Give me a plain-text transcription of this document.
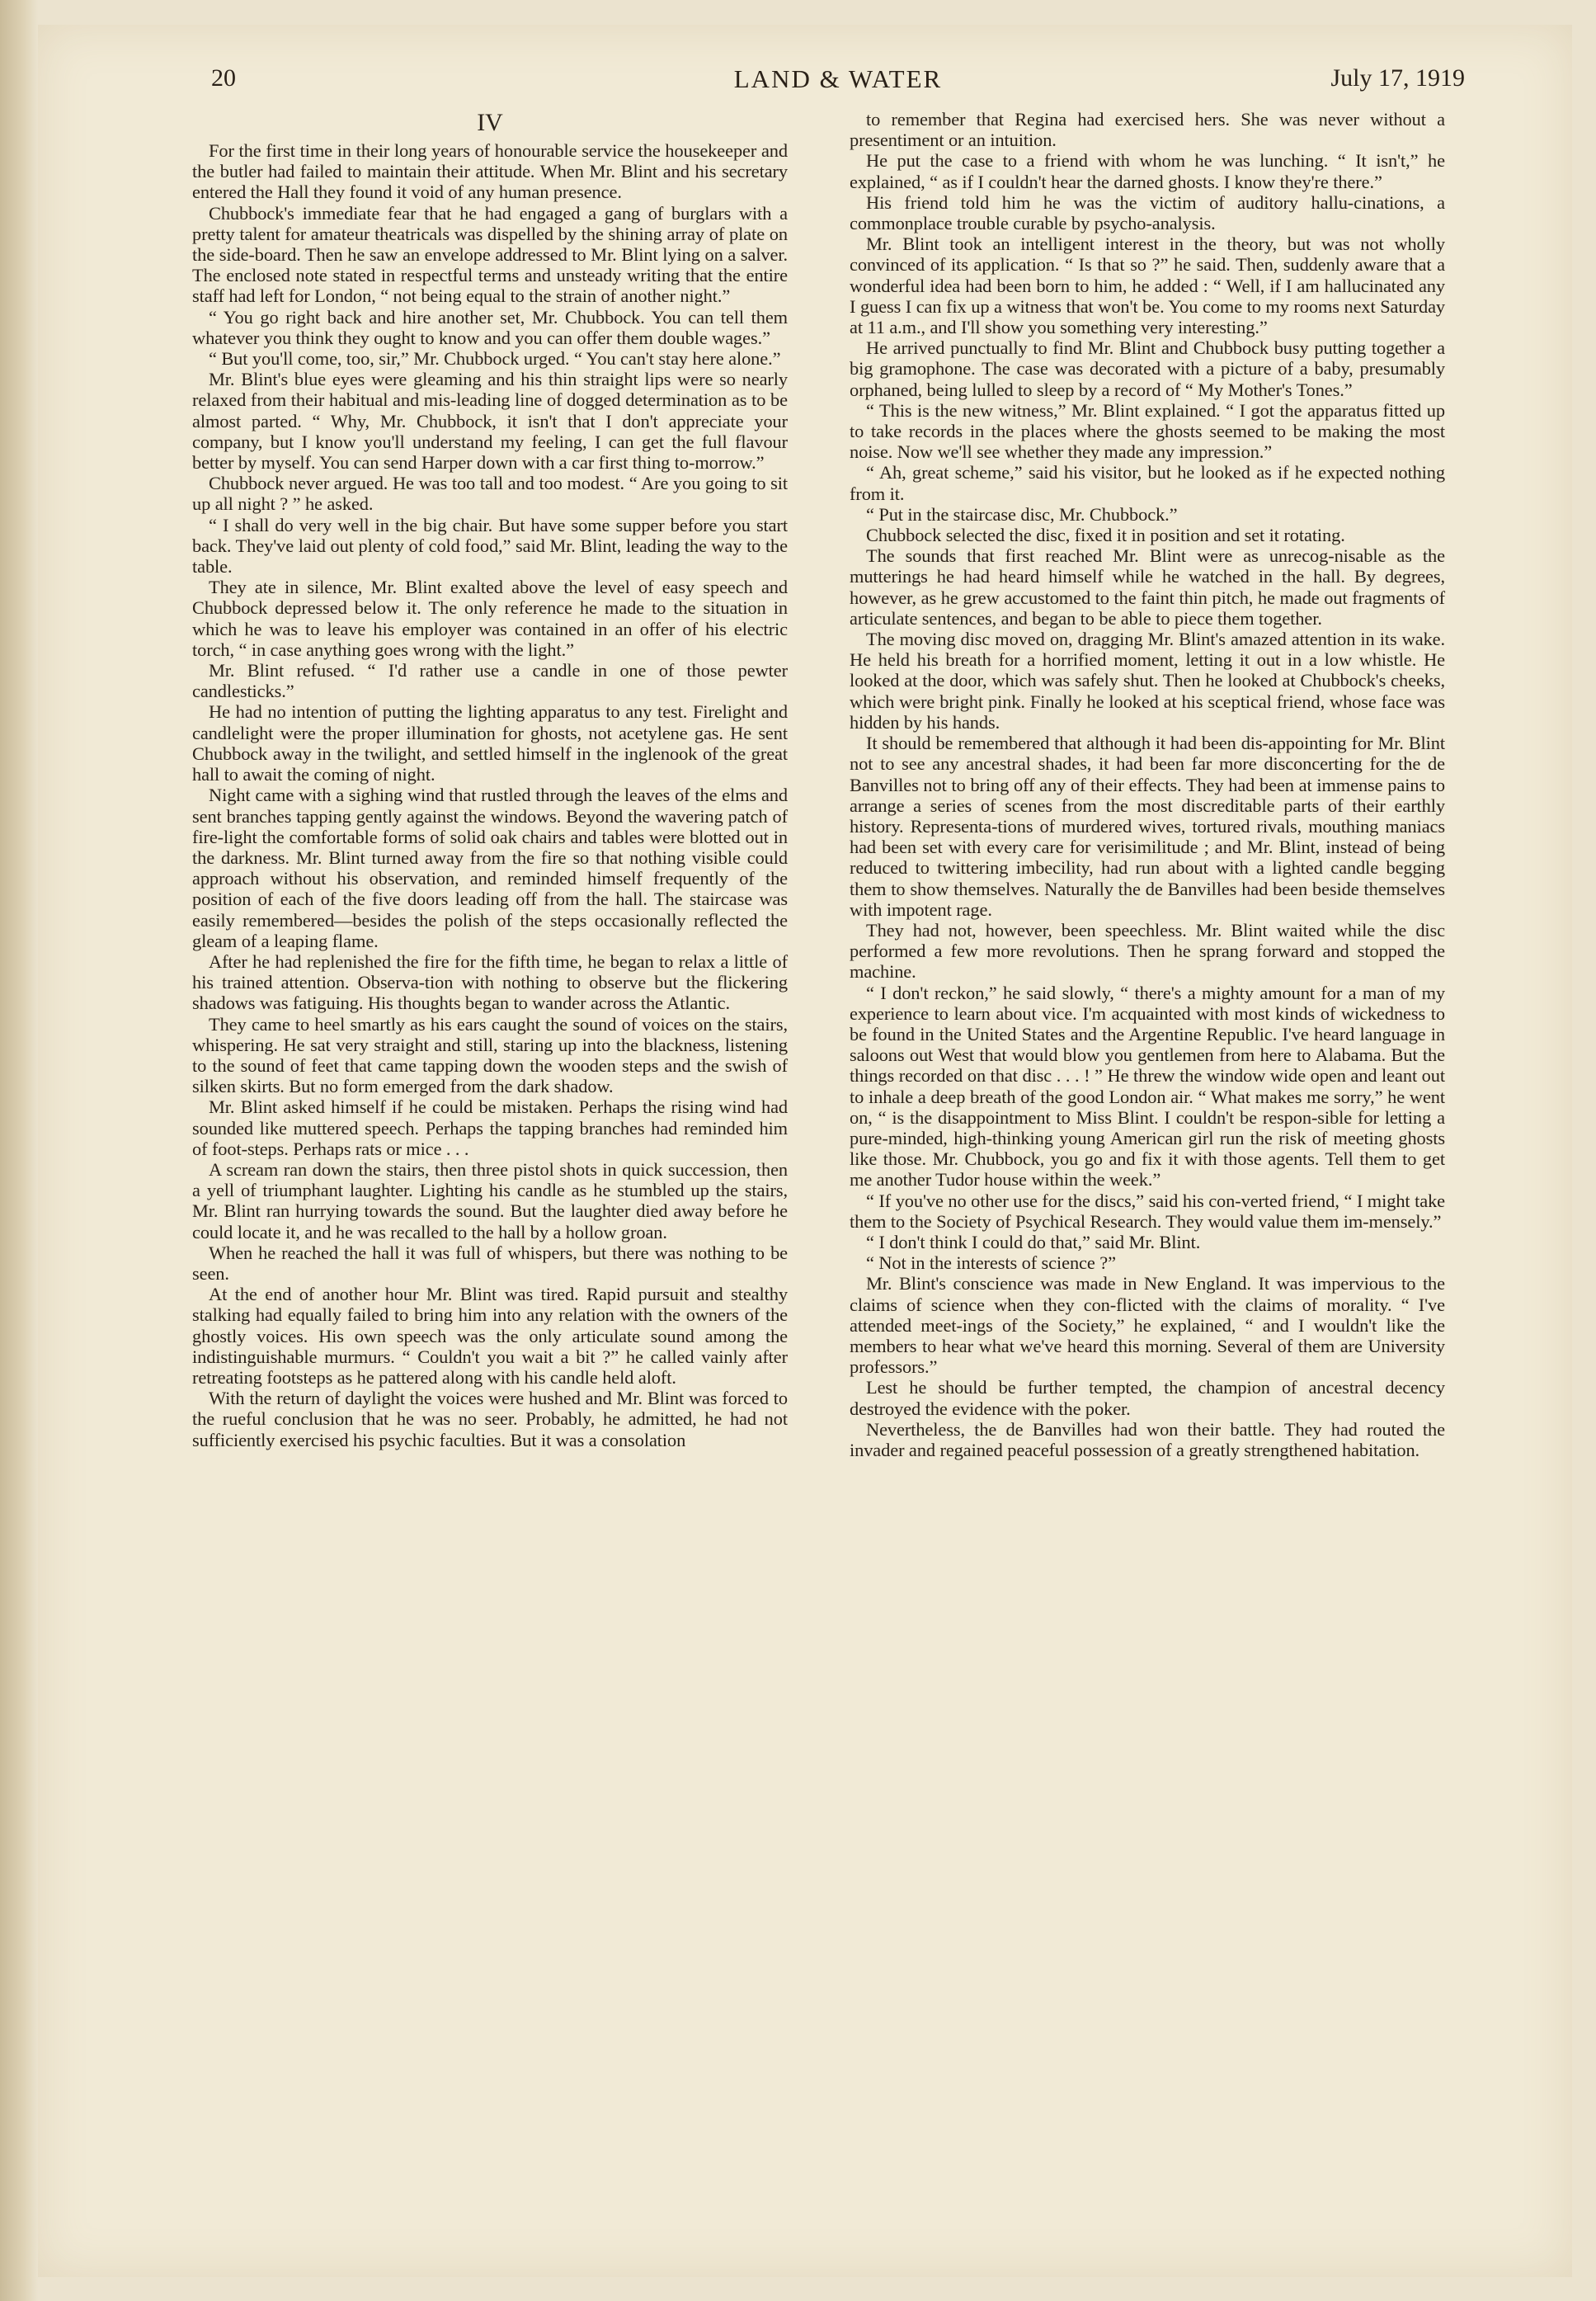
20	LAND & WATER	July 17, 1919
IV

For the first time in their long years of honourable service the housekeeper and the butler had failed to maintain their attitude. When Mr. Blint and his secretary entered the Hall they found it void of any human presence.

Chubbock's immediate fear that he had engaged a gang of burglars with a pretty talent for amateur theatricals was dispelled by the shining array of plate on the side-board. Then he saw an envelope addressed to Mr. Blint lying on a salver. The enclosed note stated in respectful terms and unsteady writing that the entire staff had left for London, “ not being equal to the strain of another night.”

“ You go right back and hire another set, Mr. Chubbock. You can tell them whatever you think they ought to know and you can offer them double wages.”

“ But you'll come, too, sir,” Mr. Chubbock urged. “ You can't stay here alone.”

Mr. Blint's blue eyes were gleaming and his thin straight lips were so nearly relaxed from their habitual and mis-leading line of dogged determination as to be almost parted. “ Why, Mr. Chubbock, it isn't that I don't appreciate your company, but I know you'll understand my feeling, I can get the full flavour better by myself. You can send Harper down with a car first thing to-morrow.”

Chubbock never argued. He was too tall and too modest. “ Are you going to sit up all night ? ” he asked.

“ I shall do very well in the big chair. But have some supper before you start back. They've laid out plenty of cold food,” said Mr. Blint, leading the way to the table.

They ate in silence, Mr. Blint exalted above the level of easy speech and Chubbock depressed below it. The only reference he made to the situation in which he was to leave his employer was contained in an offer of his electric torch, “ in case anything goes wrong with the light.”

Mr. Blint refused. “ I'd rather use a candle in one of those pewter candlesticks.”

He had no intention of putting the lighting apparatus to any test. Firelight and candlelight were the proper illumination for ghosts, not acetylene gas. He sent Chubbock away in the twilight, and settled himself in the inglenook of the great hall to await the coming of night.

Night came with a sighing wind that rustled through the leaves of the elms and sent branches tapping gently against the windows. Beyond the wavering patch of fire-light the comfortable forms of solid oak chairs and tables were blotted out in the darkness. Mr. Blint turned away from the fire so that nothing visible could approach without his observation, and reminded himself frequently of the position of each of the five doors leading off from the hall. The staircase was easily remembered—besides the polish of the steps occasionally reflected the gleam of a leaping flame.

After he had replenished the fire for the fifth time, he began to relax a little of his trained attention. Observa-tion with nothing to observe but the flickering shadows was fatiguing. His thoughts began to wander across the Atlantic.

They came to heel smartly as his ears caught the sound of voices on the stairs, whispering. He sat very straight and still, staring up into the blackness, listening to the sound of feet that came tapping down the wooden steps and the swish of silken skirts. But no form emerged from the dark shadow.

Mr. Blint asked himself if he could be mistaken. Perhaps the rising wind had sounded like muttered speech. Perhaps the tapping branches had reminded him of foot-steps. Perhaps rats or mice . . .

A scream ran down the stairs, then three pistol shots in quick succession, then a yell of triumphant laughter. Lighting his candle as he stumbled up the stairs, Mr. Blint ran hurrying towards the sound. But the laughter died away before he could locate it, and he was recalled to the hall by a hollow groan.

When he reached the hall it was full of whispers, but there was nothing to be seen.

At the end of another hour Mr. Blint was tired. Rapid pursuit and stealthy stalking had equally failed to bring him into any relation with the owners of the ghostly voices. His own speech was the only articulate sound among the indistinguishable murmurs. “ Couldn't you wait a bit ?” he called vainly after retreating footsteps as he pattered along with his candle held aloft.

With the return of daylight the voices were hushed and Mr. Blint was forced to the rueful conclusion that he was no seer. Probably, he admitted, he had not sufficiently exercised his psychic faculties. But it was a consolation

to remember that Regina had exercised hers. She was never without a presentiment or an intuition.

He put the case to a friend with whom he was lunching. “ It isn't,” he explained, “ as if I couldn't hear the darned ghosts. I know they're there.”

His friend told him he was the victim of auditory hallu-cinations, a commonplace trouble curable by psycho-analysis.

Mr. Blint took an intelligent interest in the theory, but was not wholly convinced of its application. “ Is that so ?” he said. Then, suddenly aware that a wonderful idea had been born to him, he added : “ Well, if I am hallucinated any I guess I can fix up a witness that won't be. You come to my rooms next Saturday at 11 a.m., and I'll show you something very interesting.”

He arrived punctually to find Mr. Blint and Chubbock busy putting together a big gramophone. The case was decorated with a picture of a baby, presumably orphaned, being lulled to sleep by a record of “ My Mother's Tones.”

“ This is the new witness,” Mr. Blint explained. “ I got the apparatus fitted up to take records in the places where the ghosts seemed to be making the most noise. Now we'll see whether they made any impression.”

“ Ah, great scheme,” said his visitor, but he looked as if he expected nothing from it.

“ Put in the staircase disc, Mr. Chubbock.”

Chubbock selected the disc, fixed it in position and set it rotating.

The sounds that first reached Mr. Blint were as unrecog-nisable as the mutterings he had heard himself while he watched in the hall. By degrees, however, as he grew accustomed to the faint thin pitch, he made out fragments of articulate sentences, and began to be able to piece them together.

The moving disc moved on, dragging Mr. Blint's amazed attention in its wake. He held his breath for a horrified moment, letting it out in a low whistle. He looked at the door, which was safely shut. Then he looked at Chubbock's cheeks, which were bright pink. Finally he looked at his sceptical friend, whose face was hidden by his hands.

It should be remembered that although it had been dis-appointing for Mr. Blint not to see any ancestral shades, it had been far more disconcerting for the de Banvilles not to bring off any of their effects. They had been at immense pains to arrange a series of scenes from the most discreditable parts of their earthly history. Representa-tions of murdered wives, tortured rivals, mouthing maniacs had been set with every care for verisimilitude ; and Mr. Blint, instead of being reduced to twittering imbecility, had run about with a lighted candle begging them to show themselves. Naturally the de Banvilles had been beside themselves with impotent rage.

They had not, however, been speechless. Mr. Blint waited while the disc performed a few more revolutions. Then he sprang forward and stopped the machine.

“ I don't reckon,” he said slowly, “ there's a mighty amount for a man of my experience to learn about vice. I'm acquainted with most kinds of wickedness to be found in the United States and the Argentine Republic. I've heard language in saloons out West that would blow you gentlemen from here to Alabama. But the things recorded on that disc . . . ! ” He threw the window wide open and leant out to inhale a deep breath of the good London air. “ What makes me sorry,” he went on, “ is the disappointment to Miss Blint. I couldn't be respon-sible for letting a pure-minded, high-thinking young American girl run the risk of meeting ghosts like those. Mr. Chubbock, you go and fix it with those agents. Tell them to get me another Tudor house within the week.”

“ If you've no other use for the discs,” said his con-verted friend, “ I might take them to the Society of Psychical Research. They would value them im-mensely.”

“ I don't think I could do that,” said Mr. Blint.

“ Not in the interests of science ?”

Mr. Blint's conscience was made in New England. It was impervious to the claims of science when they con-flicted with the claims of morality. “ I've attended meet-ings of the Society,” he explained, “ and I wouldn't like the members to hear what we've heard this morning. Several of them are University professors.”

Lest he should be further tempted, the champion of ancestral decency destroyed the evidence with the poker.

Nevertheless, the de Banvilles had won their battle. They had routed the invader and regained peaceful possession of a greatly strengthened habitation.
